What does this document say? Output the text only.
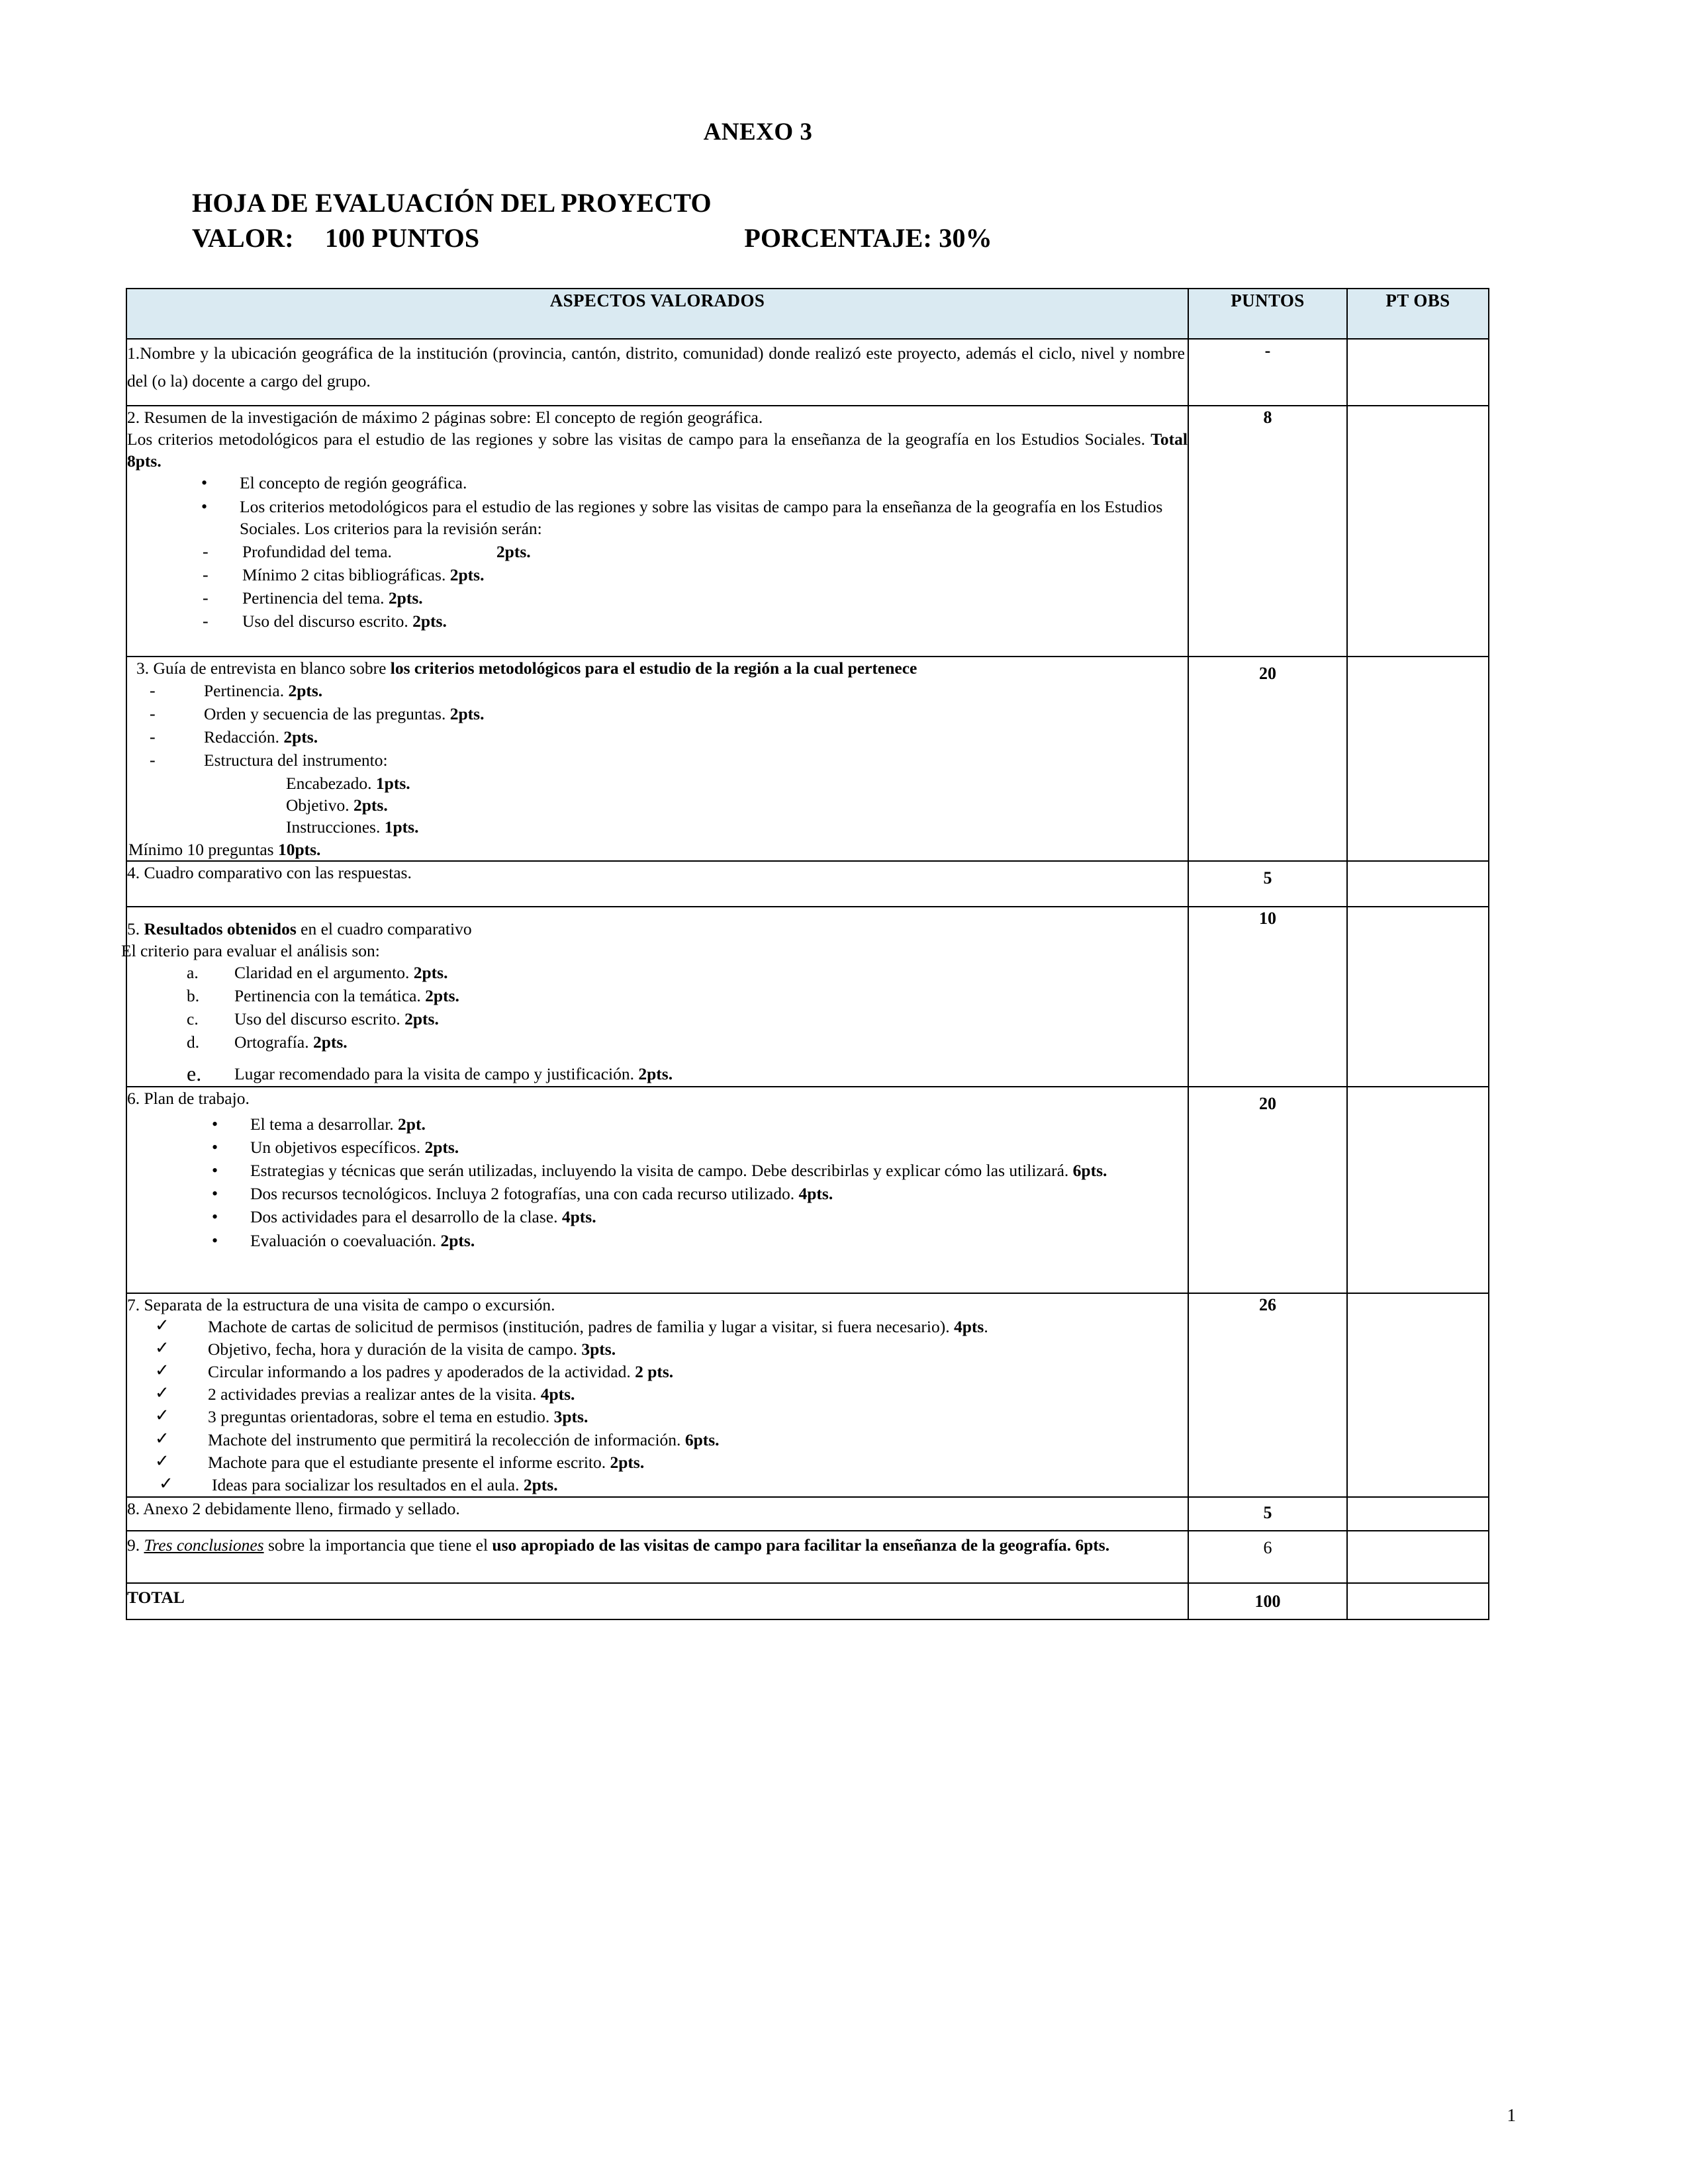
ANEXO 3
HOJA DE EVALUACIÓN DEL PROYECTO
VALOR: 100 PUNTOS	PORCENTAJE: 30%
ASPECTOS VALORADOS	PUNTOS	PT OBS

1.Nombre y la ubicación geográfica de la institución (provincia, cantón, distrito, comunidad) donde realizó este proyecto, además el ciclo, nivel y nombre del (o la) docente a cargo del grupo.	-	

2. Resumen de la investigación de máximo 2 páginas sobre: El concepto de región geográfica.
Los criterios metodológicos para el estudio de las regiones y sobre las visitas de campo para la enseñanza de la geografía en los Estudios Sociales. Total 8pts.
•
El concepto de región geográfica.
•
Los criterios metodológicos para el estudio de las regiones y sobre las visitas de campo para la enseñanza de la geografía en los Estudios Sociales. Los criterios para la revisión serán:
-
Profundidad del tema.	2pts.
-
Mínimo 2 citas bibliográficas. 2pts.
-
Pertinencia del tema. 2pts.
-
Uso del discurso escrito. 2pts.
	8	

3. Guía de entrevista en blanco sobre los criterios metodológicos para el estudio de la región a la cual pertenece
-
Pertinencia. 2pts.
-
Orden y secuencia de las preguntas. 2pts.
-
Redacción. 2pts.
-
Estructura del instrumento:
Encabezado. 1pts.
Objetivo. 2pts.
Instrucciones. 1pts.
Mínimo 10 preguntas 10pts.
	20	

4. Cuadro comparativo con las respuestas.	5	

5. Resultados obtenidos en el cuadro comparativo
El criterio para evaluar el análisis son:
a. Claridad en el argumento. 2pts.
b. Pertinencia con la temática. 2pts.
c. Uso del discurso escrito. 2pts.
d. Ortografía. 2pts.
e. Lugar recomendado para la visita de campo y justificación. 2pts.
	10	

6. Plan de trabajo.
•
El tema a desarrollar. 2pt.
•
Un objetivos específicos. 2pts.
•
Estrategias y técnicas que serán utilizadas, incluyendo la visita de campo. Debe describirlas y explicar cómo las utilizará. 6pts.
•
Dos recursos tecnológicos. Incluya 2 fotografías, una con cada recurso utilizado. 4pts.
•
Dos actividades para el desarrollo de la clase. 4pts.
•
Evaluación o coevaluación. 2pts.
	20	

7. Separata de la estructura de una visita de campo o excursión.
✓
Machote de cartas de solicitud de permisos (institución, padres de familia y lugar a visitar, si fuera necesario). 4pts.
✓
Objetivo, fecha, hora y duración de la visita de campo. 3pts.
✓
Circular informando a los padres y apoderados de la actividad. 2 pts.
✓
2 actividades previas a realizar antes de la visita. 4pts.
✓
3 preguntas orientadoras, sobre el tema en estudio. 3pts.
✓
Machote del instrumento que permitirá la recolección de información. 6pts.
✓
Machote para que el estudiante presente el informe escrito. 2pts.
✓
Ideas para socializar los resultados en el aula. 2pts.
	26	

8. Anexo 2 debidamente lleno, firmado y sellado.	5	

9. Tres conclusiones sobre la importancia que tiene el uso apropiado de las visitas de campo para facilitar la enseñanza de la geografía. 6pts.	6	

TOTAL	100	
1
